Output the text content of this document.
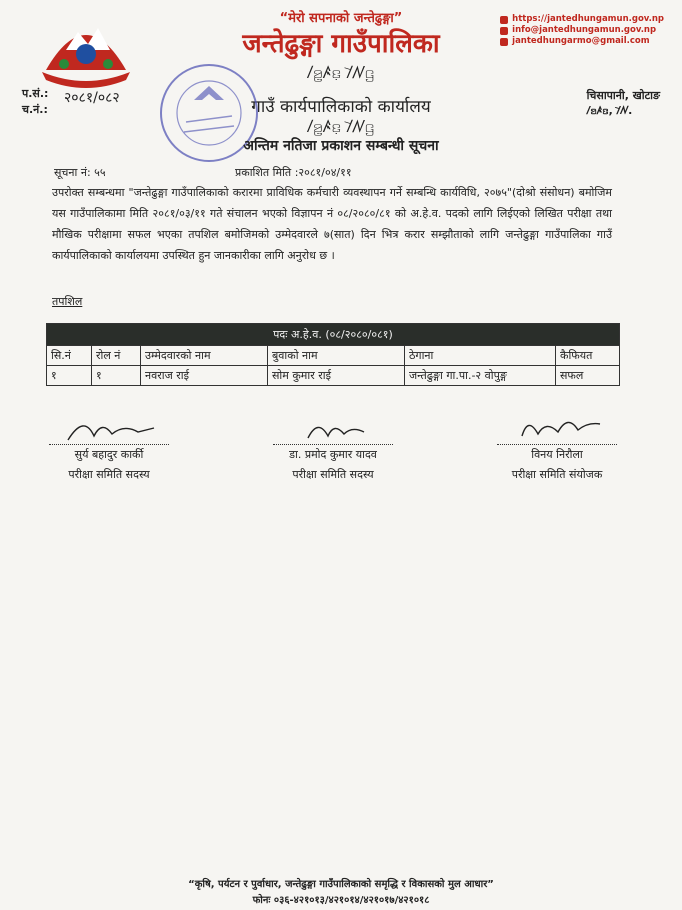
“मेरो सपनाको जन्तेढुङ्गा”
जन्तेढुङ्गा गाउँपालिका
ꤷꤤ꤭ꤴꤢ꤫ ꤷꤧꤾꤞ
गाउँ कार्यपालिकाको कार्यालय
ꤷꤤ꤭ꤴꤢ꤫ ꤷꤧꤾꤞ
https://jantedhungamun.gov.np
info@jantedhungamun.gov.np
jantedhungarmo@gmail.com
प.सं.:
च.नं.:
२०८१/०८२	चिसापानी, खोटाङ
ꤷꤤꤴꤢ, ꤷꤧꤾ.
अन्तिम नतिजा प्रकाशन सम्बन्धी सूचना
सूचना नं: ५५	प्रकाशित मिति :२०८१/०४/११
उपरोक्त सम्बन्धमा "जन्तेढुङ्गा गाउँपालिकाको करारमा प्राविधिक कर्मचारी व्यवस्थापन गर्ने सम्बन्धि कार्यविधि, २०७५"(दोश्रो संसोधन) बमोजिम यस गाउँपालिकामा मिति २०८१/०३/११ गते संचालन भएको विज्ञापन नं ०८/२०८०/८१ को अ.हे.व. पदको लागि लिईएको लिखित परीक्षा तथा मौखिक परीक्षामा सफल भएका तपशिल बमोजिमको उम्मेदवारले ७(सात) दिन भित्र करार सम्झौताको लागि जन्तेढुङ्गा गाउँपालिका गाउँ कार्यपालिकाको कार्यालयमा उपस्थित हुन जानकारीका लागि अनुरोध छ ।
तपशिल
पदः अ.हे.व. (०८/२०८०/०८१)					
सि.नं	रोल नं	उम्मेदवारको नाम	बुवाको नाम	ठेगाना	कैफियत
१	१	नवराज राई	सोम कुमार राई	जन्तेढुङ्गा गा.पा.-२ वोपुङ्ग	सफल
सुर्य बहादुर कार्की
परीक्षा समिति सदस्य
डा. प्रमोद कुमार यादव
परीक्षा समिति सदस्य
विनय निरौला
परीक्षा समिति संयोजक
“कृषि, पर्यटन र पुर्वाधार, जन्तेढुङ्गा गाउँपालिकाको समृद्धि र विकासको मुल आधार”
फोनः ०३६-४२१०१३/४२१०१४/४२१०१७/४२१०१८
